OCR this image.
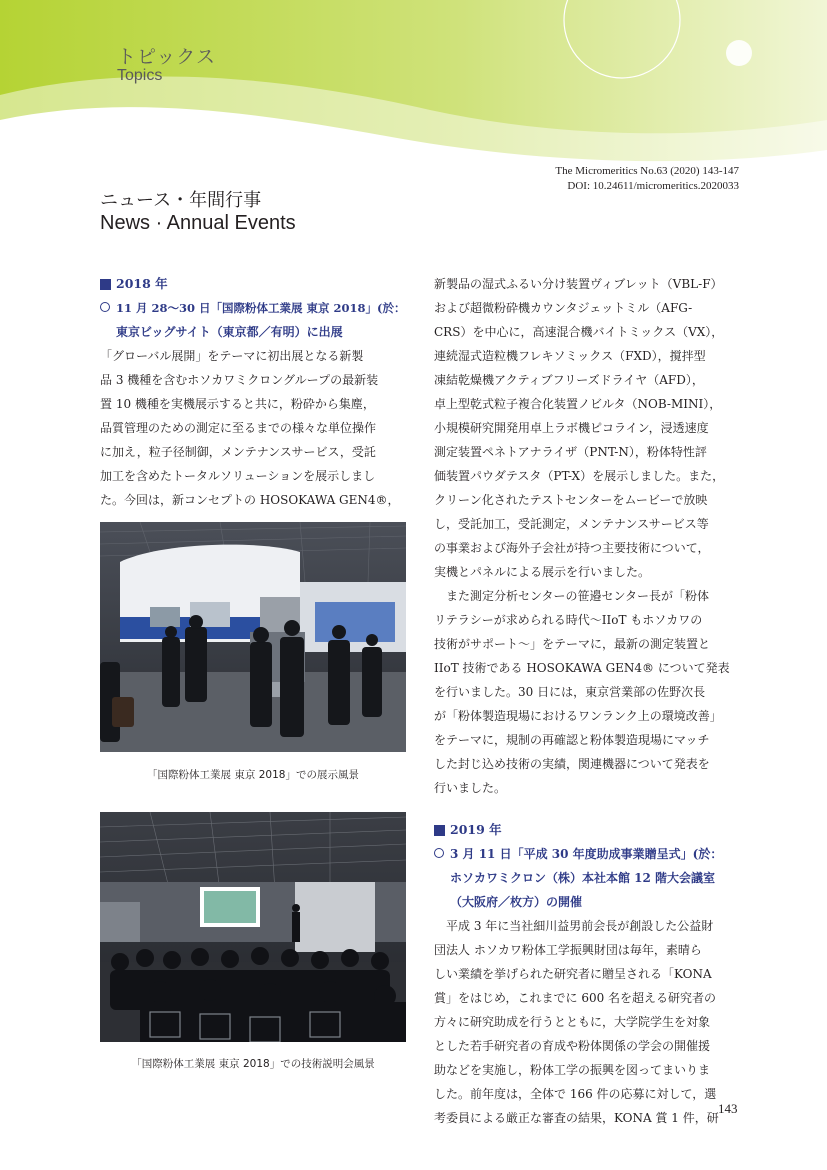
トピックス
Topics
The Micromeritics No.63 (2020) 143-147
DOI: 10.24611/micromeritics.2020033
ニュース・年間行事
News · Annual Events
2018 年
11 月 28〜30 日「国際粉体工業展 東京 2018」(於：
東京ビッグサイト（東京都／有明）に出展
「グローバル展開」をテーマに初出展となる新製
品 3 機種を含むホソカワミクロングループの最新装
置 10 機種を実機展示すると共に，粉砕から集塵，
品質管理のための測定に至るまでの様々な単位操作
に加え，粒子径制御，メンテナンスサービス，受託
加工を含めたトータルソリューションを展示しまし
た。今回は，新コンセプトの HOSOKAWA GEN4®，
「国際粉体工業展 東京 2018」での展示風景
「国際粉体工業展 東京 2018」での技術説明会風景
新製品の湿式ふるい分け装置ヴィブレット（VBL-F）
および超微粉砕機カウンタジェットミル（AFG-
CRS）を中心に，高速混合機バイトミックス（VX），
連続湿式造粒機フレキソミックス（FXD），撹拌型
凍結乾燥機アクティブフリーズドライヤ（AFD），
卓上型乾式粒子複合化装置ノビルタ（NOB-MINI），
小規模研究開発用卓上ラボ機ピコライン，浸透速度
測定装置ペネトアナライザ（PNT-N），粉体特性評
価装置パウダテスタ（PT-X）を展示しました。また，
クリーン化されたテストセンターをムービーで放映
し，受託加工，受託測定，メンテナンスサービス等
の事業および海外子会社が持つ主要技術について，
実機とパネルによる展示を行いました。
また測定分析センターの笹邉センター長が「粉体
リテラシーが求められる時代〜IIoT もホソカワの
技術がサポート〜」をテーマに，最新の測定装置と
IIoT 技術である HOSOKAWA GEN4® について発表
を行いました。30 日には，東京営業部の佐野次長
が「粉体製造現場におけるワンランク上の環境改善」
をテーマに，規制の再確認と粉体製造現場にマッチ
した封じ込め技術の実績，関連機器について発表を
行いました。
2019 年
3 月 11 日「平成 30 年度助成事業贈呈式」(於：
ホソカワミクロン（株）本社本館 12 階大会議室
（大阪府／枚方）の開催
平成 3 年に当社細川益男前会長が創設した公益財
団法人 ホソカワ粉体工学振興財団は毎年，素晴ら
しい業績を挙げられた研究者に贈呈される「KONA
賞」をはじめ，これまでに 600 名を超える研究者の
方々に研究助成を行うとともに，大学院学生を対象
とした若手研究者の育成や粉体関係の学会の開催援
助などを実施し，粉体工学の振興を図ってまいりま
した。前年度は，全体で 166 件の応募に対して，選
考委員による厳正な審査の結果，KONA 賞 1 件，研
143
